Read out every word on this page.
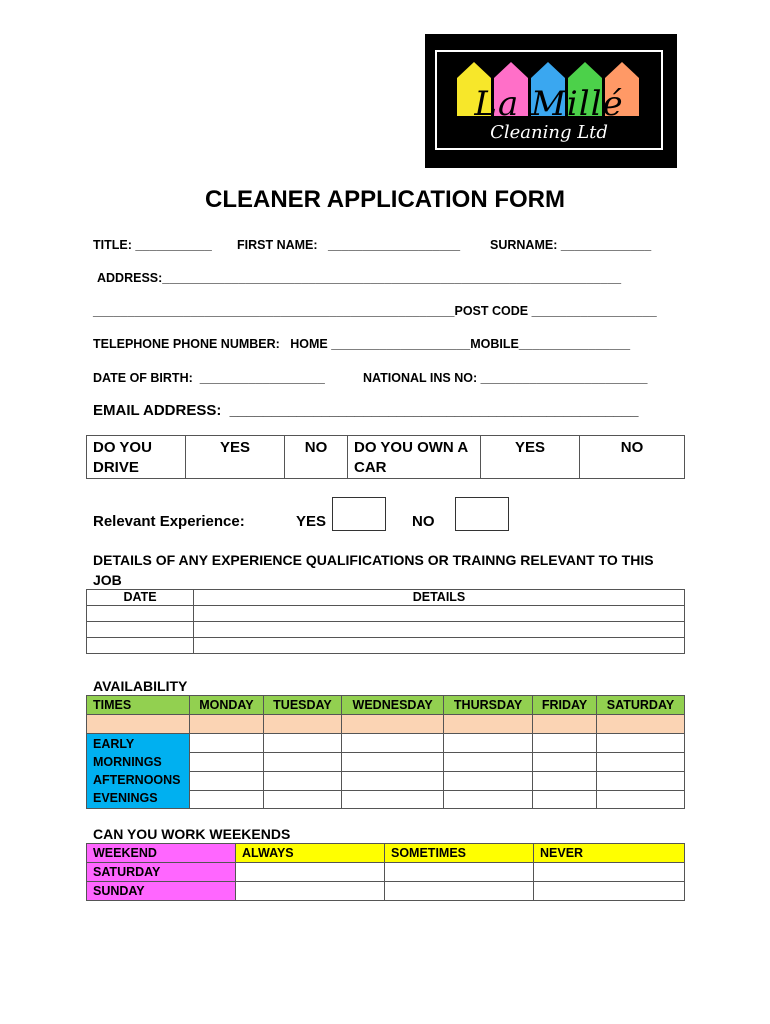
La Millé
Cleaning Ltd
CLEANER APPLICATION FORM
TITLE: ___________ FIRST NAME:   ___________________ SURNAME: _____________
ADDRESS:__________________________________________________________________
____________________________________________________POST CODE __________________
TELEPHONE PHONE NUMBER:   HOME ____________________MOBILE________________
DATE OF BIRTH:  __________________	NATIONAL INS NO: ________________________
EMAIL ADDRESS:  _________________________________________________
DO YOU DRIVE	YES	NO	DO YOU OWN A CAR	YES	NO
Relevant Experience:	YES	NO
DETAILS OF ANY EXPERIENCE QUALIFICATIONS OR TRAINNG RELEVANT TO THIS JOB
DATE	DETAILS

AVAILABILITY
TIMES	MONDAY	TUESDAY	WEDNESDAY	THURSDAY	FRIDAY	SATURDAY

EARLY
MORNINGS
AFTERNOONS
EVENINGS						

CAN YOU WORK WEEKENDS
WEEKEND	ALWAYS	SOMETIMES	NEVER
SATURDAY			
SUNDAY			
